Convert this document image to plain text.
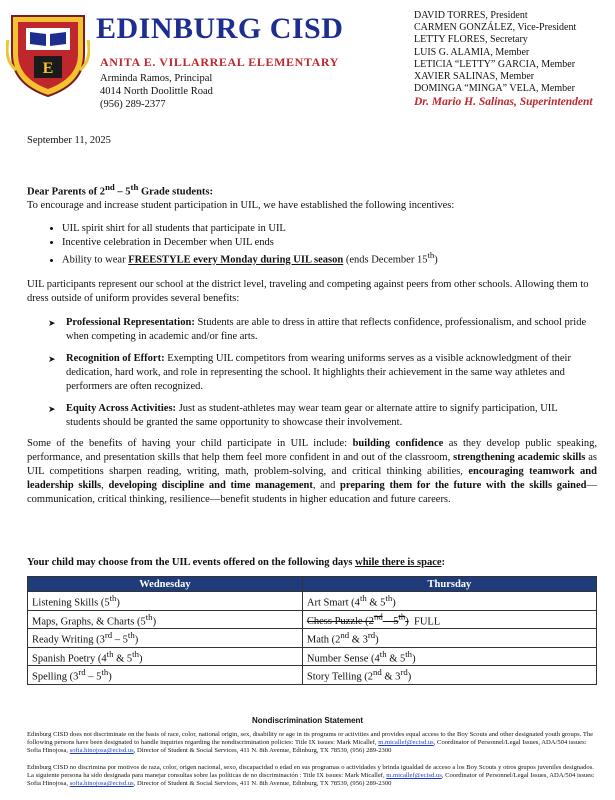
E
EDINBURG CISD
ANITA E. VILLARREAL ELEMENTARY
Arminda Ramos, Principal
4014 North Doolittle Road
(956) 289-2377
DAVID TORRES, President
CARMEN GONZÁLEZ, Vice-President
LETTY FLORES, Secretary
LUIS G. ALAMIA, Member
LETICIA “LETTY” GARCIA, Member
XAVIER SALINAS, Member
DOMINGA “MINGA” VELA, Member
Dr. Mario H. Salinas, Superintendent
September 11, 2025
Dear Parents of 2nd – 5th Grade students:
To encourage and increase student participation in UIL, we have established the following incentives:
• UIL spirit shirt for all students that participate in UIL
• Incentive celebration in December when UIL ends
• Ability to wear FREESTYLE every Monday during UIL season (ends December 15th)
UIL participants represent our school at the district level, traveling and competing against peers from other schools. Allowing them to dress outside of uniform provides several benefits:
➤ Professional Representation: Students are able to dress in attire that reflects confidence, professionalism, and school pride when competing in academic and/or fine arts.
➤ Recognition of Effort: Exempting UIL competitors from wearing uniforms serves as a visible acknowledgment of their dedication, hard work, and role in representing the school. It highlights their achievement in the same way athletes and performers are often recognized.
➤ Equity Across Activities: Just as student-athletes may wear team gear or alternate attire to signify participation, UIL students should be granted the same opportunity to showcase their involvement.
Some of the benefits of having your child participate in UIL include: building confidence as they develop public speaking, performance, and presentation skills that help them feel more confident in and out of the classroom, strengthening academic skills as UIL competitions sharpen reading, writing, math, problem-solving, and critical thinking abilities, encouraging teamwork and leadership skills, developing discipline and time management, and preparing them for the future with the skills gained—communication, critical thinking, resilience—benefit students in higher education and future careers.
Your child may choose from the UIL events offered on the following days while there is space:
Wednesday	Thursday
Listening Skills (5th)	Art Smart (4th & 5th)
Maps, Graphs, & Charts (5th)	Chess Puzzle (2nd – 5th)  FULL
Ready Writing (3rd – 5th)	Math (2nd & 3rd)
Spanish Poetry (4th & 5th)	Number Sense (4th & 5th)
Spelling (3rd – 5th)	Story Telling (2nd & 3rd)
Nondiscrimination Statement
Edinburg CISD does not discriminate on the basis of race, color, national origin, sex, disability or age in its programs or activities and provides equal access to the Boy Scouts and other designated youth groups. The following persons have been designated to handle inquiries regarding the nondiscrimination policies: Title IX issues: Mark Micallef, m.micallef@ecisd.us, Coordinator of Personnel/Legal Issues, ADA/504 issues: Sofia Hinojosa, sofia.hinojosa@ecisd.us, Director of Student & Social Services, 411 N. 8th Avenue, Edinburg, TX 78539, (956) 289-2300
Edinburg CISD no discrimina por motivos de raza, color, origen nacional, sexo, discapacidad o edad en sus programas o actividades y brinda igualdad de acceso a los Boy Scouts y otros grupos juveniles designados. La siguiente persona ha sido designada para manejar consultas sobre las políticas de no discriminación : Title IX issues: Mark Micallef, m.micallef@ecisd.us, Coordinator of Personnel/Legal Issues, ADA/504 issues: Sofia Hinojosa, sofia.hinojosa@ecisd.us, Director of Student & Social Services, 411 N. 8th Avenue, Edinburg, TX 78539, (956) 289-2300
